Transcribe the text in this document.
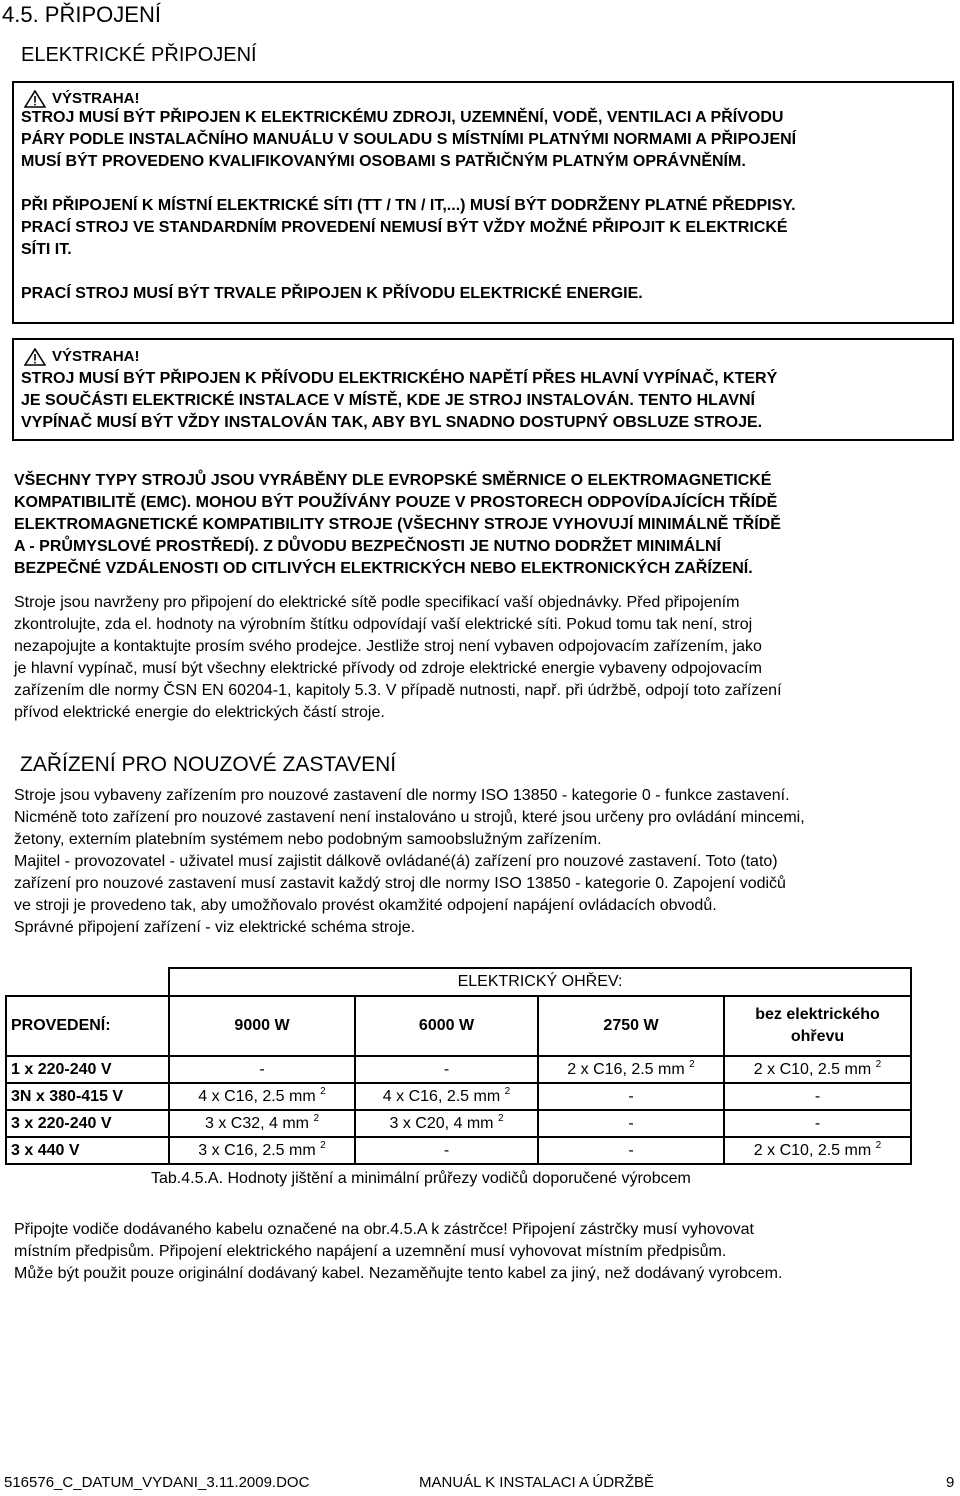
4.5. PŘIPOJENÍ
ELEKTRICKÉ PŘIPOJENÍ
VÝSTRAHA!
STROJ MUSÍ BÝT PŘIPOJEN K ELEKTRICKÉMU ZDROJI, UZEMNĚNÍ, VODĚ, VENTILACI A PŘÍVODU
PÁRY PODLE INSTALAČNÍHO MANUÁLU V SOULADU S MÍSTNÍMI PLATNÝMI NORMAMI A PŘIPOJENÍ
MUSÍ BÝT PROVEDENO KVALIFIKOVANÝMI OSOBAMI S PATŘIČNÝM PLATNÝM OPRÁVNĚNÍM.
PŘI PŘIPOJENÍ K MÍSTNÍ ELEKTRICKÉ SÍTI (TT / TN / IT,...) MUSÍ BÝT DODRŽENY PLATNÉ PŘEDPISY.
PRACÍ STROJ VE STANDARDNÍM PROVEDENÍ NEMUSÍ BÝT VŽDY MOŽNÉ PŘIPOJIT K ELEKTRICKÉ
SÍTI IT.
PRACÍ STROJ MUSÍ BÝT TRVALE PŘIPOJEN K PŘÍVODU ELEKTRICKÉ ENERGIE.
VÝSTRAHA!
STROJ MUSÍ BÝT PŘIPOJEN K PŘÍVODU ELEKTRICKÉHO NAPĚTÍ PŘES HLAVNÍ VYPÍNAČ, KTERÝ
JE SOUČÁSTI ELEKTRICKÉ INSTALACE V MÍSTĚ, KDE JE STROJ INSTALOVÁN. TENTO HLAVNÍ
VYPÍNAČ MUSÍ BÝT VŽDY INSTALOVÁN TAK, ABY BYL SNADNO DOSTUPNÝ OBSLUZE STROJE.
VŠECHNY TYPY STROJŮ JSOU VYRÁBĚNY DLE EVROPSKÉ SMĚRNICE O ELEKTROMAGNETICKÉ
KOMPATIBILITĚ (EMC). MOHOU BÝT POUŽÍVÁNY POUZE V PROSTORECH ODPOVÍDAJÍCÍCH TŘÍDĚ
ELEKTROMAGNETICKÉ KOMPATIBILITY STROJE (VŠECHNY STROJE VYHOVUJÍ MINIMÁLNĚ TŘÍDĚ
A - PRŮMYSLOVÉ PROSTŘEDÍ). Z DŮVODU BEZPEČNOSTI JE NUTNO DODRŽET MINIMÁLNÍ
BEZPEČNÉ VZDÁLENOSTI OD CITLIVÝCH ELEKTRICKÝCH NEBO ELEKTRONICKÝCH ZAŘÍZENÍ.
Stroje jsou navrženy pro připojení do elektrické sítě podle specifikací vaší objednávky. Před připojením
zkontrolujte, zda el. hodnoty na výrobním štítku odpovídají vaší elektrické síti. Pokud tomu tak není, stroj
nezapojujte a kontaktujte prosím svého prodejce. Jestliže stroj není vybaven odpojovacím zařízením, jako
je hlavní vypínač, musí být všechny elektrické přívody od zdroje elektrické energie vybaveny odpojovacím
zařízením dle normy ČSN EN 60204-1, kapitoly 5.3. V případě nutnosti, např. při údržbě, odpojí toto zařízení
přívod elektrické energie do elektrických částí stroje.
ZAŘÍZENÍ PRO NOUZOVÉ ZASTAVENÍ
Stroje jsou vybaveny zařízením pro nouzové zastavení dle normy ISO 13850 - kategorie 0 - funkce zastavení.
Nicméně toto zařízení pro nouzové zastavení není instalováno u strojů, které jsou určeny pro ovládání mincemi,
žetony, externím platebním systémem nebo podobným samoobslužným zařízením.
Majitel - provozovatel - uživatel musí zajistit dálkově ovládané(á) zařízení pro nouzové zastavení. Toto (tato)
zařízení pro nouzové zastavení musí zastavit každý stroj dle normy ISO 13850 - kategorie 0. Zapojení vodičů
ve stroji je provedeno tak, aby umožňovalo provést okamžité odpojení napájení ovládacích obvodů.
Správné připojení zařízení - viz elektrické schéma stroje.
	ELEKTRICKÝ OHŘEV:			
PROVEDENÍ:	9000 W	6000 W	2750 W	bez elektrického ohřevu
1 x 220-240 V	-	-	2 x C16, 2.5 mm $^2$	2 x C10, 2.5 mm $^2$
3N x 380-415 V	4 x C16, 2.5 mm $^2$	4 x C16, 2.5 mm $^2$	-	-
3 x 220-240 V	3 x C32, 4 mm $^2$	3 x C20, 4 mm $^2$	-	-
3 x 440 V	3 x C16, 2.5 mm $^2$	-	-	2 x C10, 2.5 mm $^2$
Tab.4.5.A. Hodnoty jištění a minimální průřezy vodičů doporučené výrobcem
Připojte vodiče dodávaného kabelu označené na obr.4.5.A k zástrčce! Připojení zástrčky musí vyhovovat
místním předpisům. Připojení elektrického napájení a uzemnění musí vyhovovat místním předpisům.
Může být použit pouze originální dodávaný kabel. Nezaměňujte tento kabel za jiný, než dodávaný vyrobcem.
516576_C_DATUM_VYDANI_3.11.2009.DOC	MANUÁL K INSTALACI A ÚDRŽBĚ	9
